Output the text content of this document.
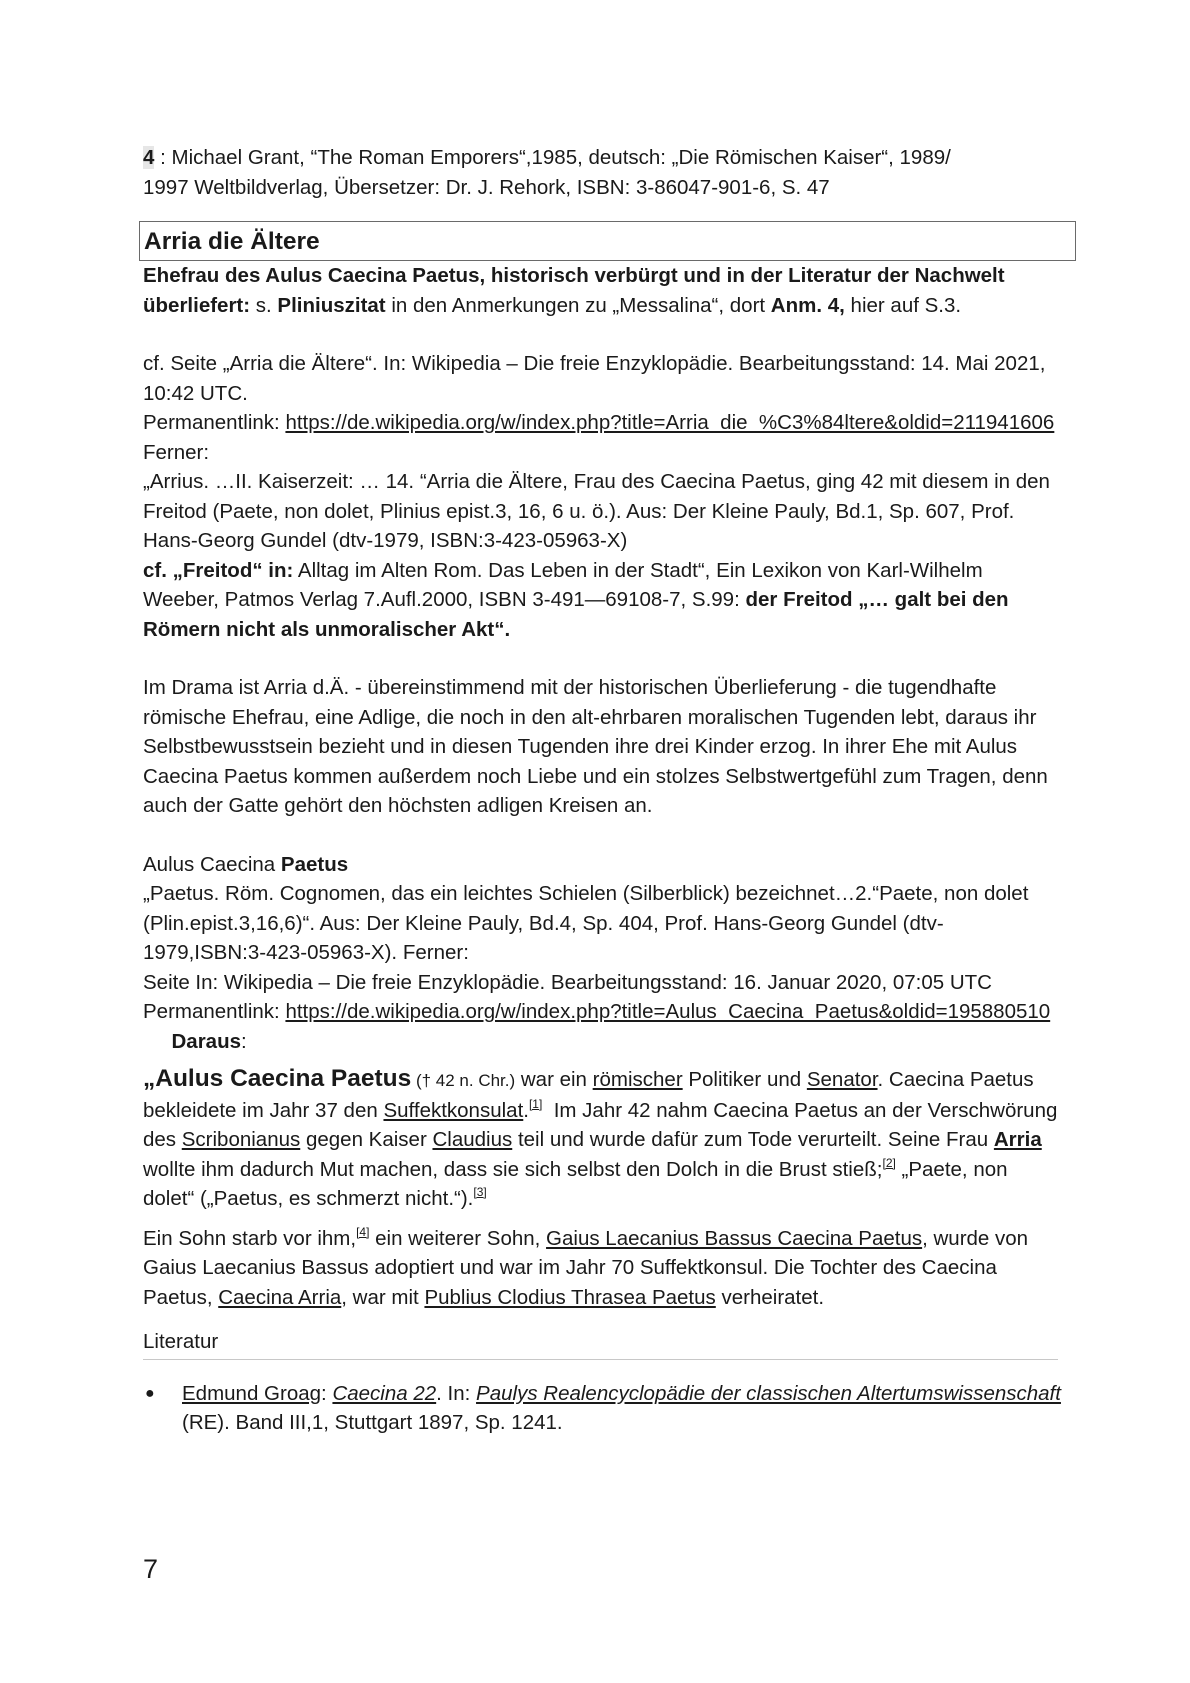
4 : Michael Grant, “The Roman Emporers“,1985, deutsch: „Die Römischen Kaiser“, 1989/
1997 Weltbildverlag, Übersetzer: Dr. J. Rehork, ISBN: 3-86047-901-6, S. 47

Arria die Ältere

Ehefrau des Aulus Caecina Paetus, historisch verbürgt und in der Literatur der Nachwelt überliefert: s. Pliniuszitat in den Anmerkungen zu „Messalina“, dort Anm. 4, hier auf S.3.

cf. Seite „Arria die Ältere“. In: Wikipedia – Die freie Enzyklopädie. Bearbeitungsstand: 14. Mai 2021, 10:42 UTC.

Permanentlink: https://de.wikipedia.org/w/index.php?title=Arria_die_%C3%84ltere&oldid=211941606

Ferner:

„Arrius. …II. Kaiserzeit: … 14. “Arria die Ältere, Frau des Caecina Paetus, ging 42 mit diesem in den Freitod (Paete, non dolet, Plinius epist.3, 16, 6 u. ö.). Aus: Der Kleine Pauly, Bd.1, Sp. 607, Prof. Hans-Georg Gundel (dtv-1979, ISBN:3-423-05963-X)

cf. „Freitod“ in: Alltag im Alten Rom. Das Leben in der Stadt“, Ein Lexikon von Karl-Wilhelm Weeber, Patmos Verlag 7.Aufl.2000, ISBN 3-491—69108-7, S.99: der Freitod „… galt bei den Römern nicht als unmoralischer Akt“.

Im Drama ist Arria d.Ä. - übereinstimmend mit der historischen Überlieferung - die tugendhafte römische Ehefrau, eine Adlige, die noch in den alt-ehrbaren moralischen Tugenden lebt, daraus ihr Selbstbewusstsein bezieht und in diesen Tugenden ihre drei Kinder erzog. In ihrer Ehe mit Aulus Caecina Paetus kommen außerdem noch Liebe und ein stolzes Selbstwertgefühl zum Tragen, denn auch der Gatte gehört den höchsten adligen Kreisen an.

Aulus Caecina Paetus

„Paetus. Röm. Cognomen, das ein leichtes Schielen (Silberblick) bezeichnet…2.“Paete, non dolet (Plin.epist.3,16,6)“. Aus: Der Kleine Pauly, Bd.4, Sp. 404, Prof. Hans-Georg Gundel (dtv-1979,ISBN:3-423-05963-X). Ferner:

Seite In: Wikipedia – Die freie Enzyklopädie. Bearbeitungsstand: 16. Januar 2020, 07:05 UTC

Permanentlink: https://de.wikipedia.org/w/index.php?title=Aulus_Caecina_Paetus&oldid=195880510     Daraus:

„Aulus Caecina Paetus († 42 n. Chr.) war ein römischer Politiker und Senator. Caecina Paetus bekleidete im Jahr 37 den Suffektkonsulat.[1]  Im Jahr 42 nahm Caecina Paetus an der Verschwörung des Scribonianus gegen Kaiser Claudius teil und wurde dafür zum Tode verurteilt. Seine Frau Arria wollte ihm dadurch Mut machen, dass sie sich selbst den Dolch in die Brust stieß;[2] „Paete, non dolet“ („Paetus, es schmerzt nicht.“).[3]

Ein Sohn starb vor ihm,[4] ein weiterer Sohn, Gaius Laecanius Bassus Caecina Paetus, wurde von Gaius Laecanius Bassus adoptiert und war im Jahr 70 Suffektkonsul. Die Tochter des Caecina Paetus, Caecina Arria, war mit Publius Clodius Thrasea Paetus verheiratet.

Literatur
● Edmund Groag: Caecina 22. In: Paulys Realencyclopädie der classischen Altertumswissenschaft (RE). Band III,1, Stuttgart 1897, Sp. 1241.
7
